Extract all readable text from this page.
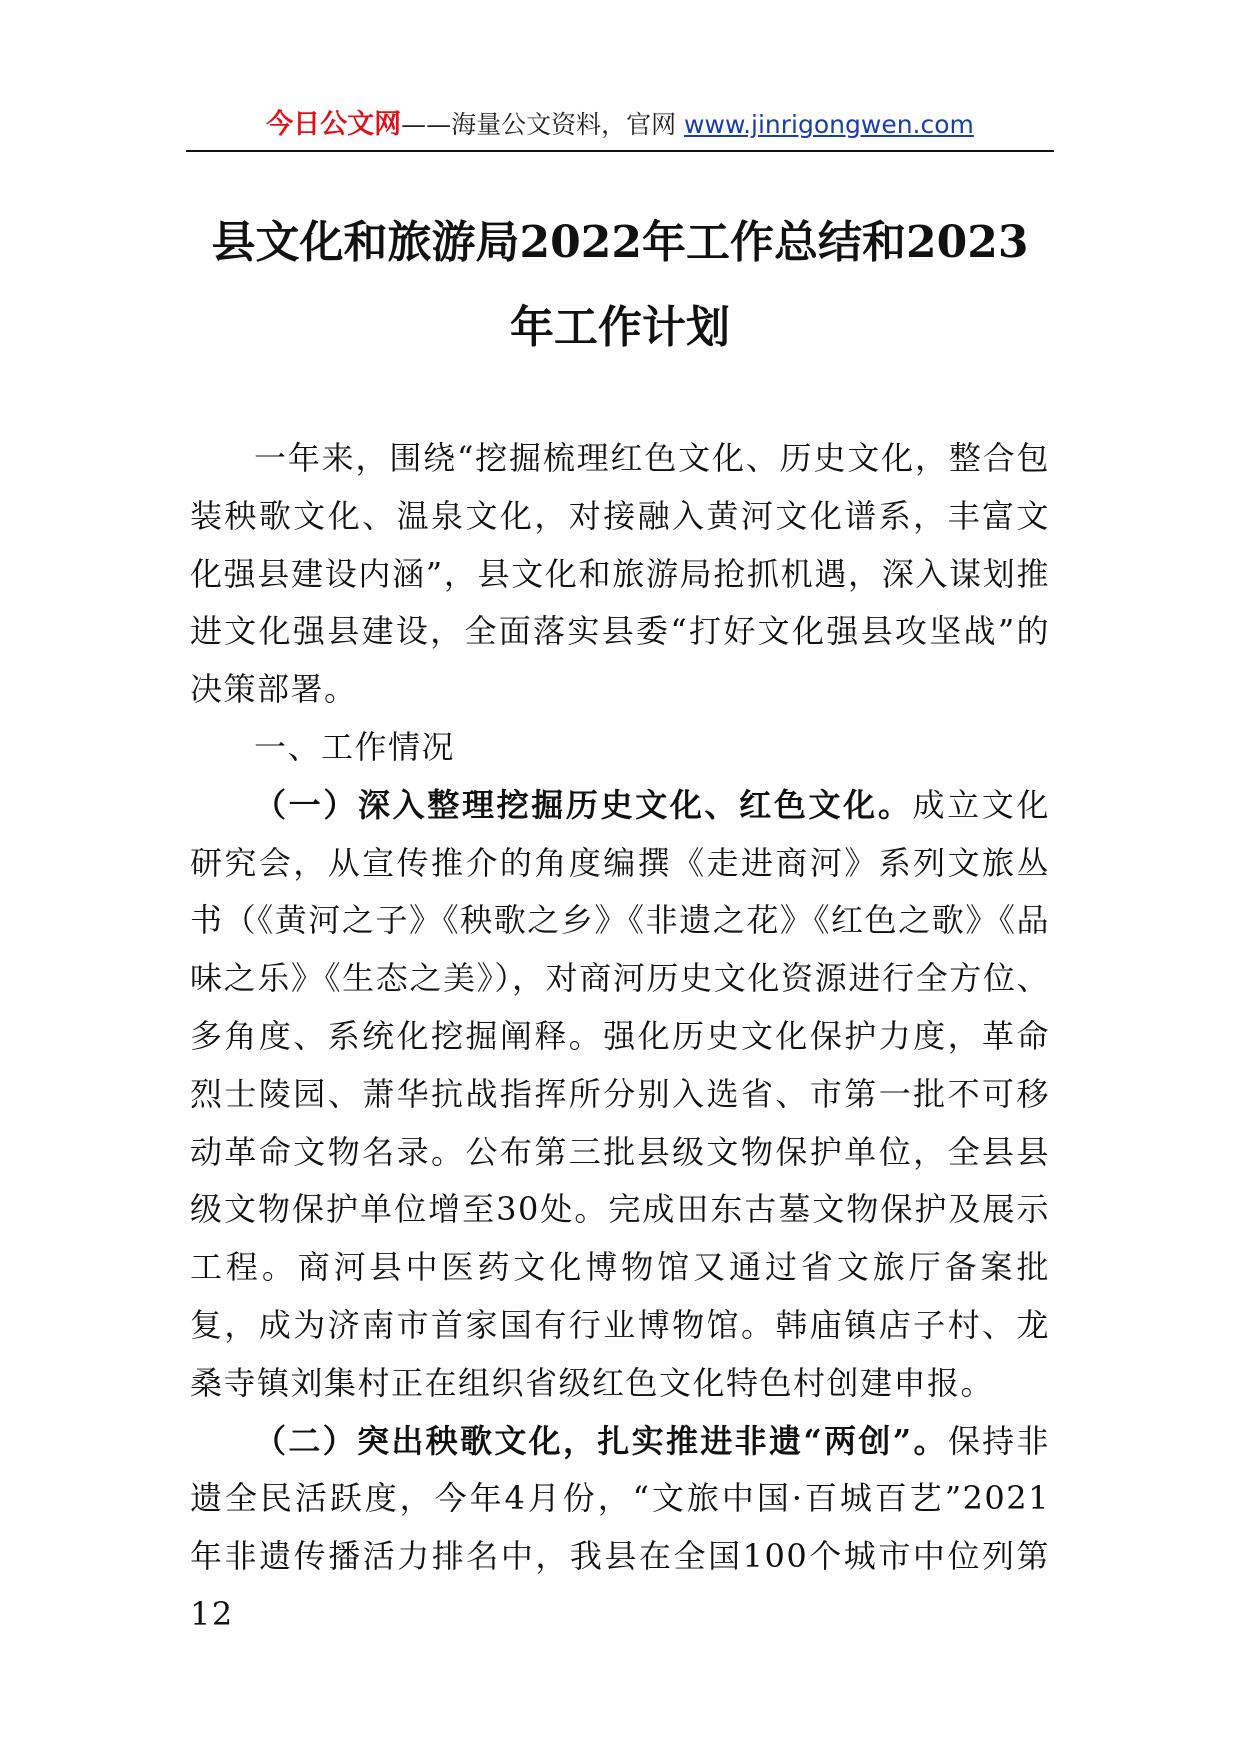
今日公文网——海量公文资料，官网 www.jinrigongwen.com
县文化和旅游局2022年工作总结和2023
年工作计划

一年来，围绕“挖掘梳理红色文化、历史文化，整合包装秧歌文化、温泉文化，对接融入黄河文化谱系，丰富文化强县建设内涵”，县文化和旅游局抢抓机遇，深入谋划推进文化强县建设，全面落实县委“打好文化强县攻坚战”的决策部署。

一、工作情况

（一）深入整理挖掘历史文化、红色文化。成立文化研究会，从宣传推介的角度编撰《走进商河》系列文旅丛书（《黄河之子》《秧歌之乡》《非遗之花》《红色之歌》《品味之乐》《生态之美》），对商河历史文化资源进行全方位、多角度、系统化挖掘阐释。强化历史文化保护力度，革命烈士陵园、萧华抗战指挥所分别入选省、市第一批不可移动革命文物名录。公布第三批县级文物保护单位，全县县级文物保护单位增至30处。完成田东古墓文物保护及展示工程。商河县中医药文化博物馆又通过省文旅厅备案批复，成为济南市首家国有行业博物馆。韩庙镇店子村、龙桑寺镇刘集村正在组织省级红色文化特色村创建申报。

（二）突出秧歌文化，扎实推进非遗“两创”。保持非遗全民活跃度，今年4月份，“文旅中国·百城百艺”2021年非遗传播活力排名中，我县在全国100个城市中位列第12
